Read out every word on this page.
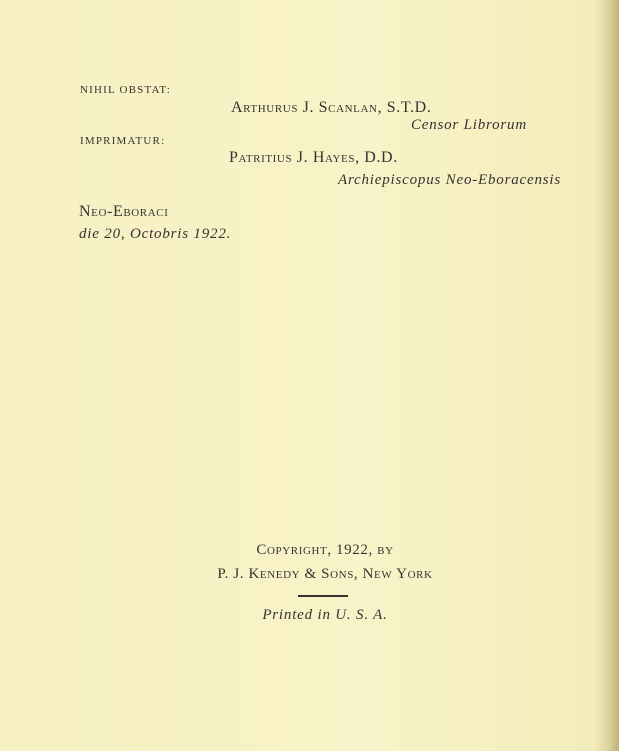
NIHIL OBSTAT:
Arthurus J. Scanlan, S.T.D.
Censor Librorum
IMPRIMATUR:
Patritius J. Hayes, D.D.
Archiepiscopus Neo-Eboracensis
Neo-Eboraci
die 20, Octobris 1922.
Copyright, 1922, by
P. J. Kenedy & Sons, New York
Printed in U. S. A.
